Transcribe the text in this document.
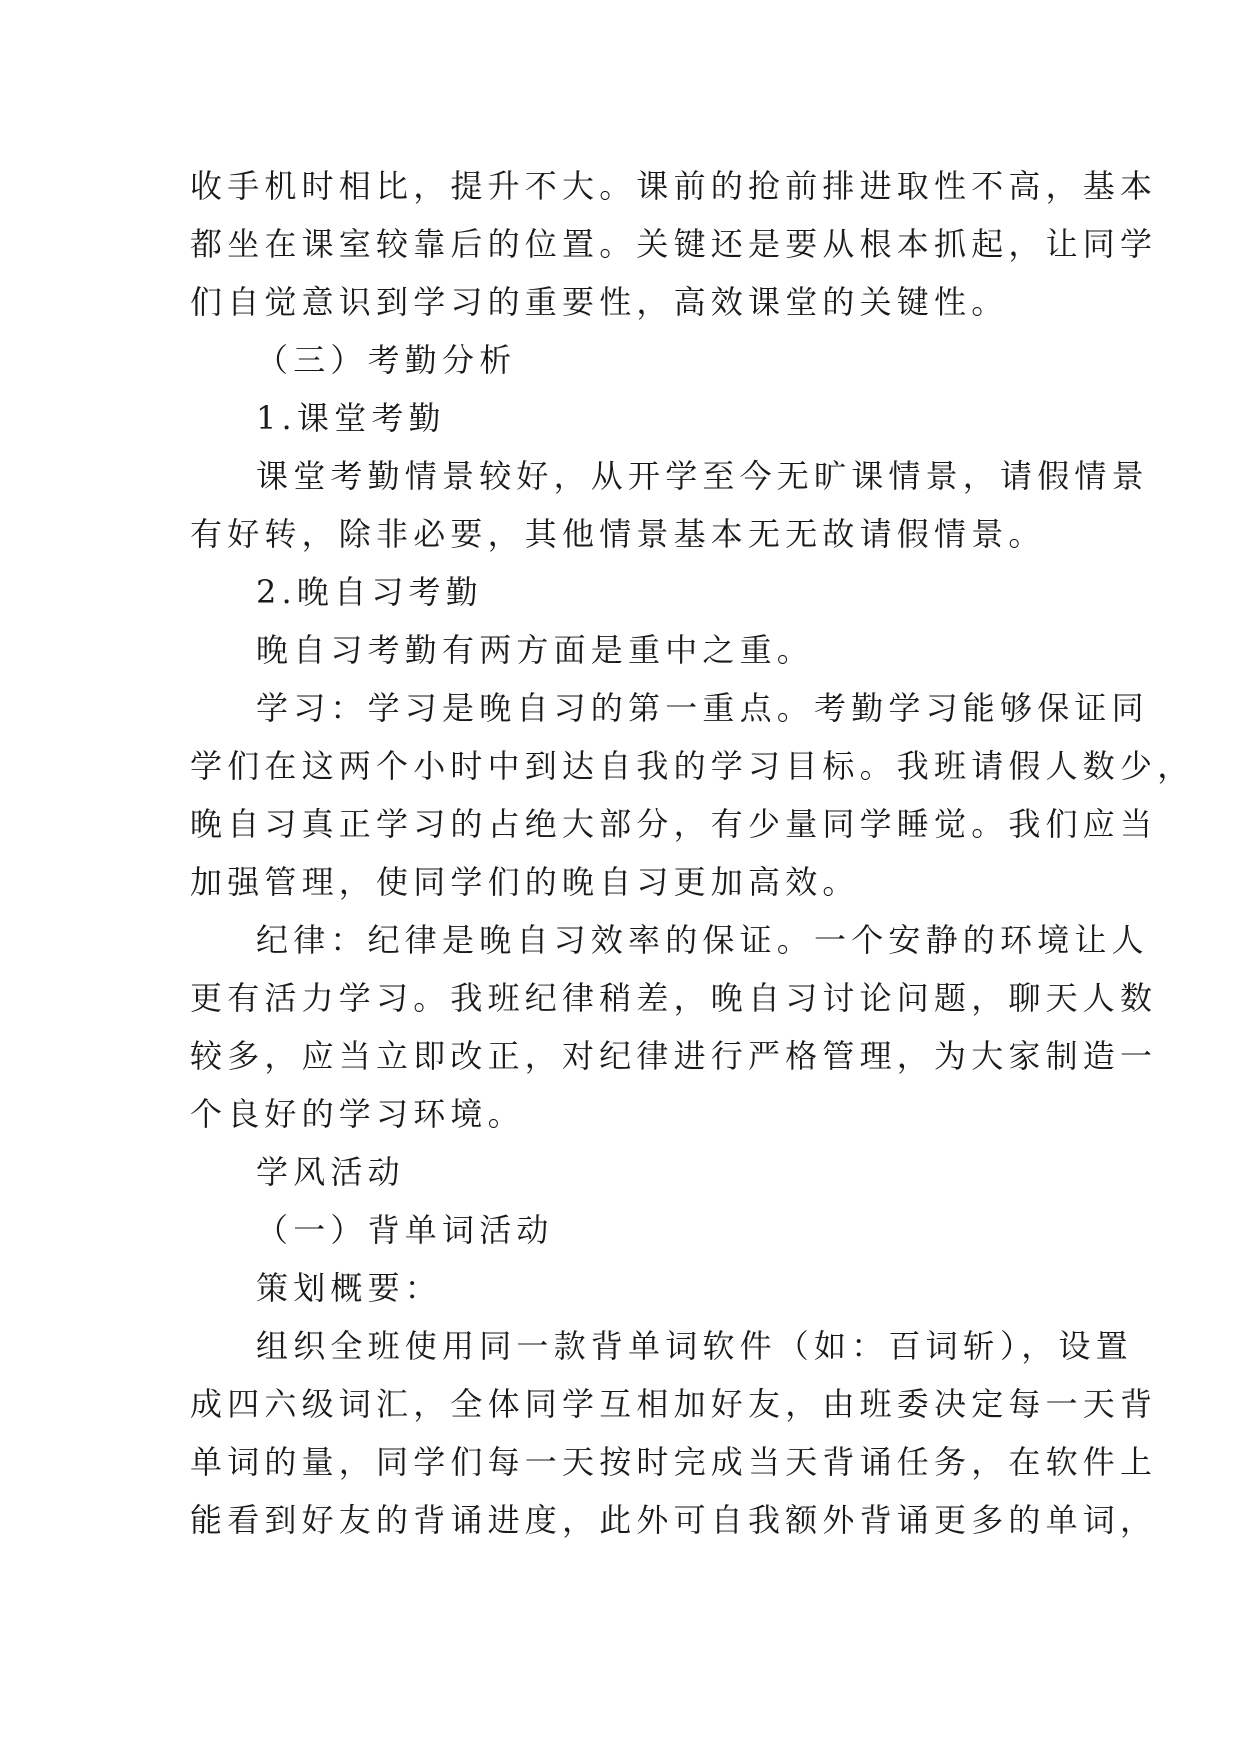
收手机时相比，提升不大。课前的抢前排进取性不高，基本
都坐在课室较靠后的位置。关键还是要从根本抓起，让同学
们自觉意识到学习的重要性，高效课堂的关键性。
（三）考勤分析
1.课堂考勤
课堂考勤情景较好，从开学至今无旷课情景，请假情景
有好转，除非必要，其他情景基本无无故请假情景。
2.晚自习考勤
晚自习考勤有两方面是重中之重。
学习：学习是晚自习的第一重点。考勤学习能够保证同
学们在这两个小时中到达自我的学习目标。我班请假人数少，
晚自习真正学习的占绝大部分，有少量同学睡觉。我们应当
加强管理，使同学们的晚自习更加高效。
纪律：纪律是晚自习效率的保证。一个安静的环境让人
更有活力学习。我班纪律稍差，晚自习讨论问题，聊天人数
较多，应当立即改正，对纪律进行严格管理，为大家制造一
个良好的学习环境。
学风活动
（一）背单词活动
策划概要：
组织全班使用同一款背单词软件（如：百词斩），设置
成四六级词汇，全体同学互相加好友，由班委决定每一天背
单词的量，同学们每一天按时完成当天背诵任务，在软件上
能看到好友的背诵进度，此外可自我额外背诵更多的单词，
